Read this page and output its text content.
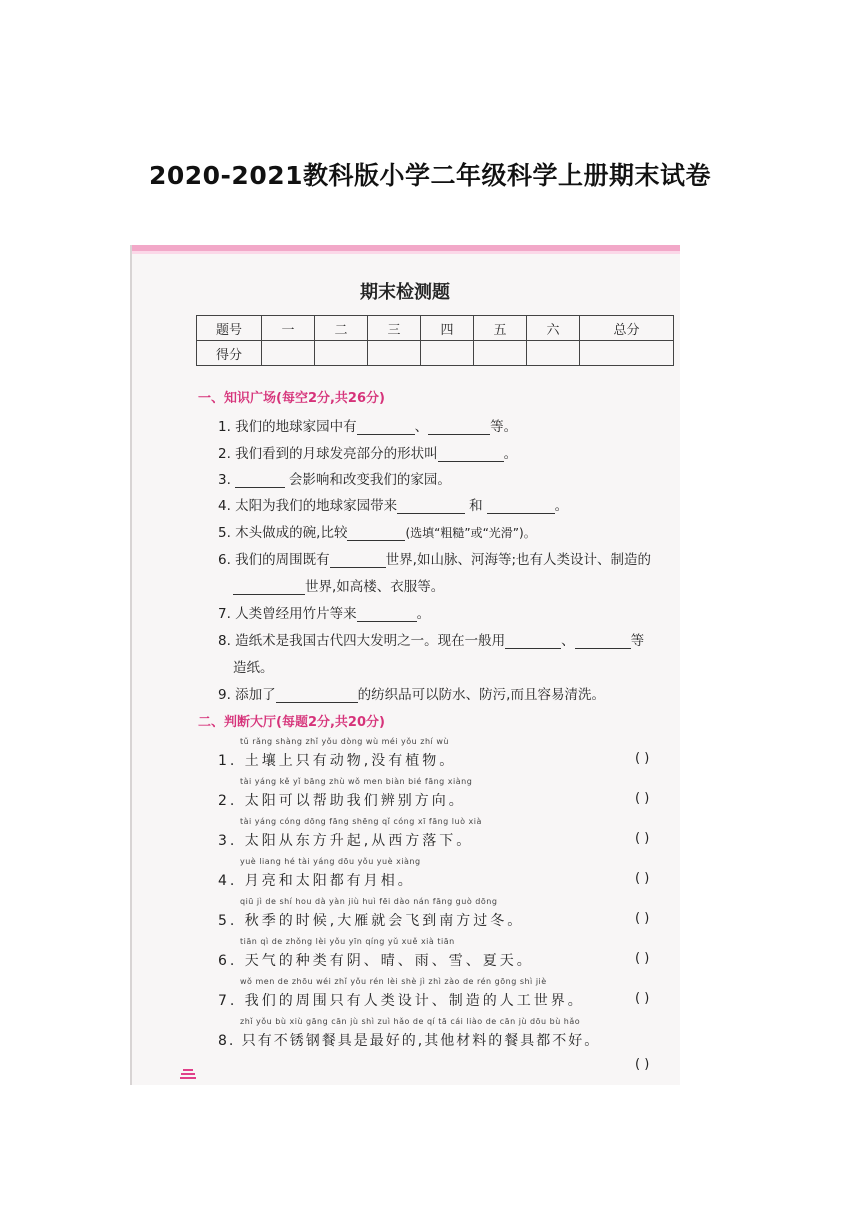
2020-2021教科版小学二年级科学上册期末试卷
期末检测题
题号	一	二	三	四	五	六	总分
得分							
一、知识广场(每空2分,共26分)
1. 我们的地球家园中有	、	等。
2. 我们看到的月球发亮部分的形状叫	。
3.	会影响和改变我们的家园。
4. 太阳为我们的地球家园带来	和	。
5. 木头做成的碗,比较	(选填“粗糙”或“光滑”)。
6. 我们的周围既有	世界,如山脉、河海等;也有人类设计、制造的
世界,如高楼、衣服等。
7. 人类曾经用竹片等来	。
8. 造纸术是我国古代四大发明之一。现在一般用	、	等
造纸。
9. 添加了	的纺织品可以防水、防污,而且容易清洗。
二、判断大厅(每题2分,共20分)
tǔ rǎng shàng zhǐ yǒu dòng wù méi yǒu zhí wù
1. 土壤上只有动物,没有植物。	( )
tài yáng kě yǐ bāng zhù wǒ men biàn bié fāng xiàng
2. 太阳可以帮助我们辨别方向。	( )
tài yáng cóng dōng fāng shēng qǐ cóng xī fāng luò xià
3. 太阳从东方升起,从西方落下。	( )
yuè liang hé tài yáng dōu yǒu yuè xiàng
4. 月亮和太阳都有月相。	( )
qiū jì de shí hou dà yàn jiù huì fēi dào nán fāng guò dōng
5. 秋季的时候,大雁就会飞到南方过冬。	( )
tiān qì de zhǒng lèi yǒu yīn qíng yǔ xuě xià tiān
6. 天气的种类有阴、晴、雨、雪、夏天。	( )
wǒ men de zhōu wéi zhǐ yǒu rén lèi shè jì zhì zào de rén gōng shì jiè
7. 我们的周围只有人类设计、制造的人工世界。	( )
zhǐ yǒu bù xiù gāng cān jù shì zuì hǎo de qí tā cái liào de cān jù dōu bù hǎo
8. 只有不锈钢餐具是最好的,其他材料的餐具都不好。
( )
